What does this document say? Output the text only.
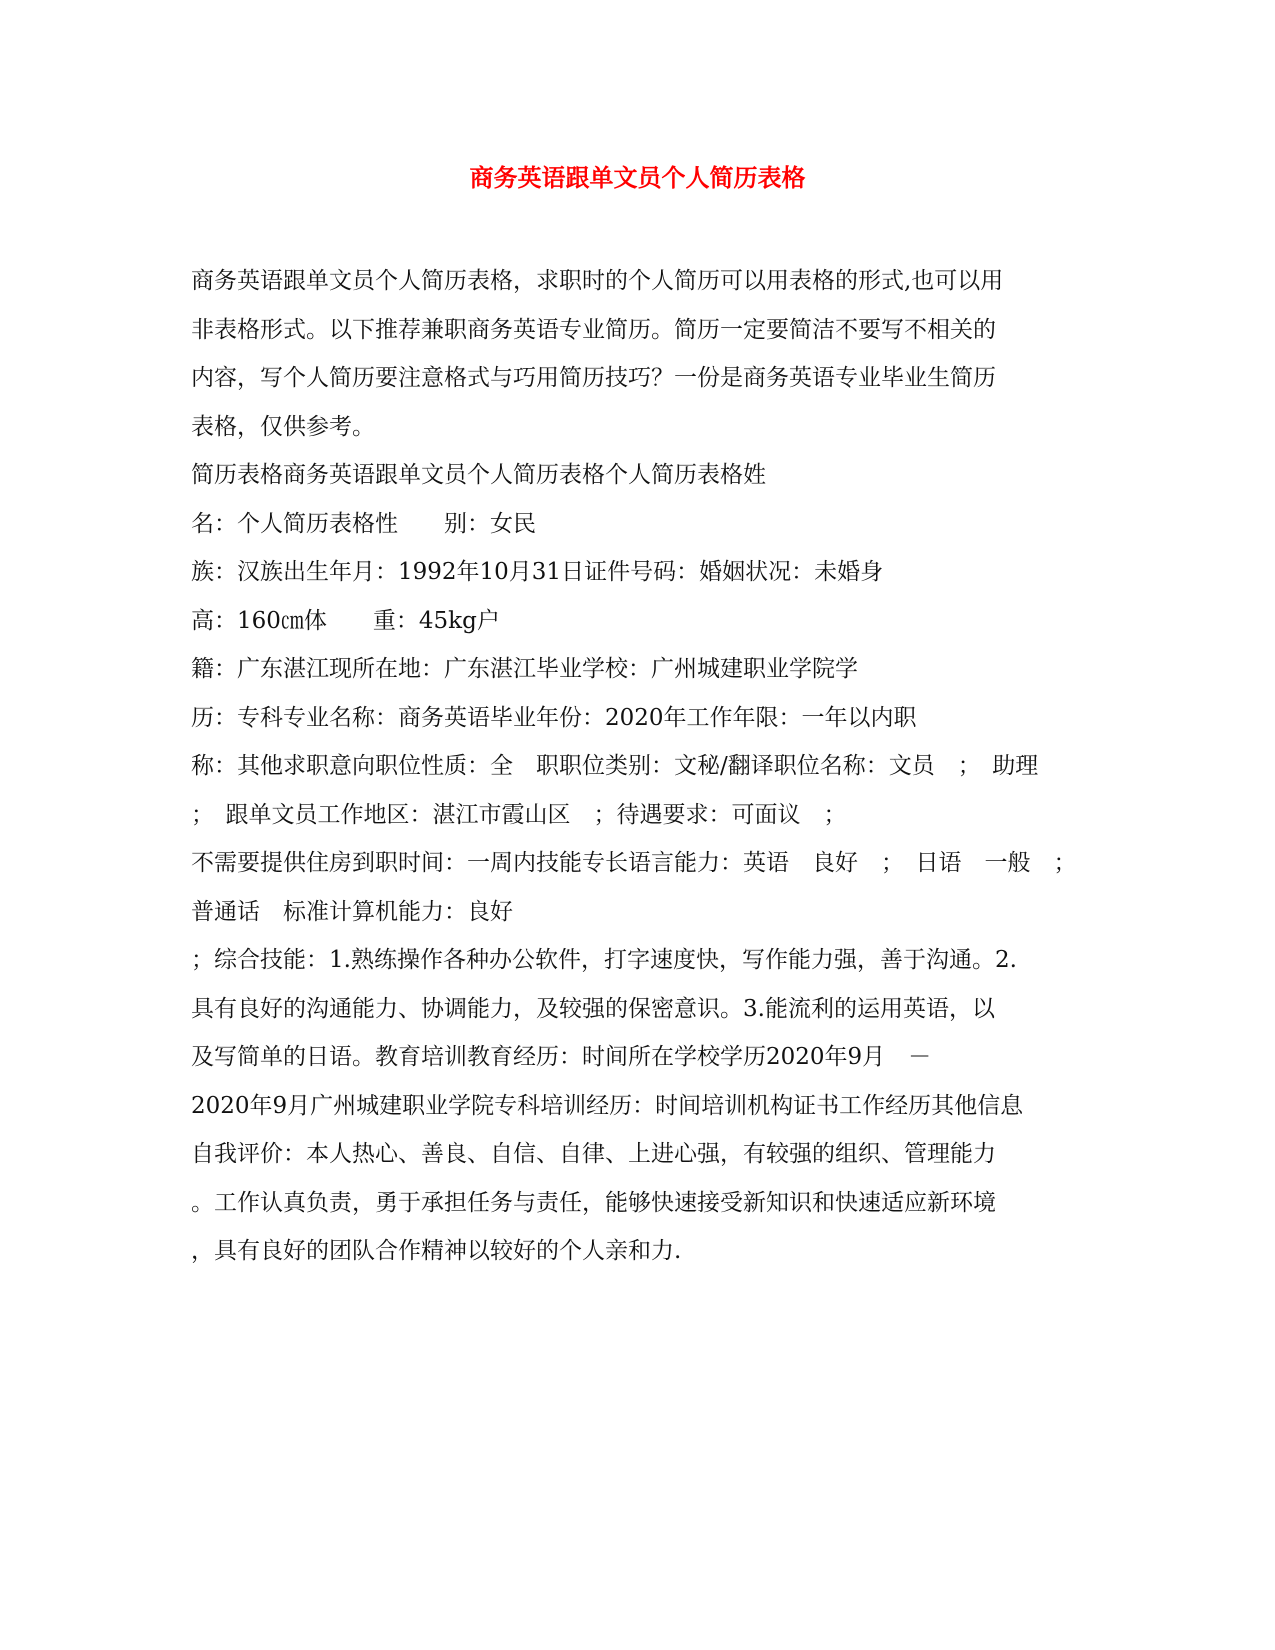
商务英语跟单文员个人简历表格

商务英语跟单文员个人简历表格，求职时的个人简历可以用表格的形式,也可以用

非表格形式。以下推荐兼职商务英语专业简历。简历一定要简洁不要写不相关的

内容，写个人简历要注意格式与巧用简历技巧？一份是商务英语专业毕业生简历

表格，仅供参考。

简历表格商务英语跟单文员个人简历表格个人简历表格姓

名：个人简历表格性　　别：女民

族：汉族出生年月：1992年10月31日证件号码：婚姻状况：未婚身

高：160㎝体　　重：45kg户

籍：广东湛江现所在地：广东湛江毕业学校：广州城建职业学院学

历：专科专业名称：商务英语毕业年份：2020年工作年限：一年以内职

称：其他求职意向职位性质：全　职职位类别：文秘/翻译职位名称：文员　；　助理

；　跟单文员工作地区：湛江市霞山区　；待遇要求：可面议　；

不需要提供住房到职时间：一周内技能专长语言能力：英语　良好　；　日语　一般　；

普通话　标准计算机能力：良好

；综合技能：1.熟练操作各种办公软件，打字速度快，写作能力强，善于沟通。2.

具有良好的沟通能力、协调能力，及较强的保密意识。3.能流利的运用英语，以

及写简单的日语。教育培训教育经历：时间所在学校学历2020年9月　－

2020年9月广州城建职业学院专科培训经历：时间培训机构证书工作经历其他信息

自我评价：本人热心、善良、自信、自律、上进心强，有较强的组织、管理能力

。工作认真负责，勇于承担任务与责任，能够快速接受新知识和快速适应新环境

，具有良好的团队合作精神以较好的个人亲和力.
